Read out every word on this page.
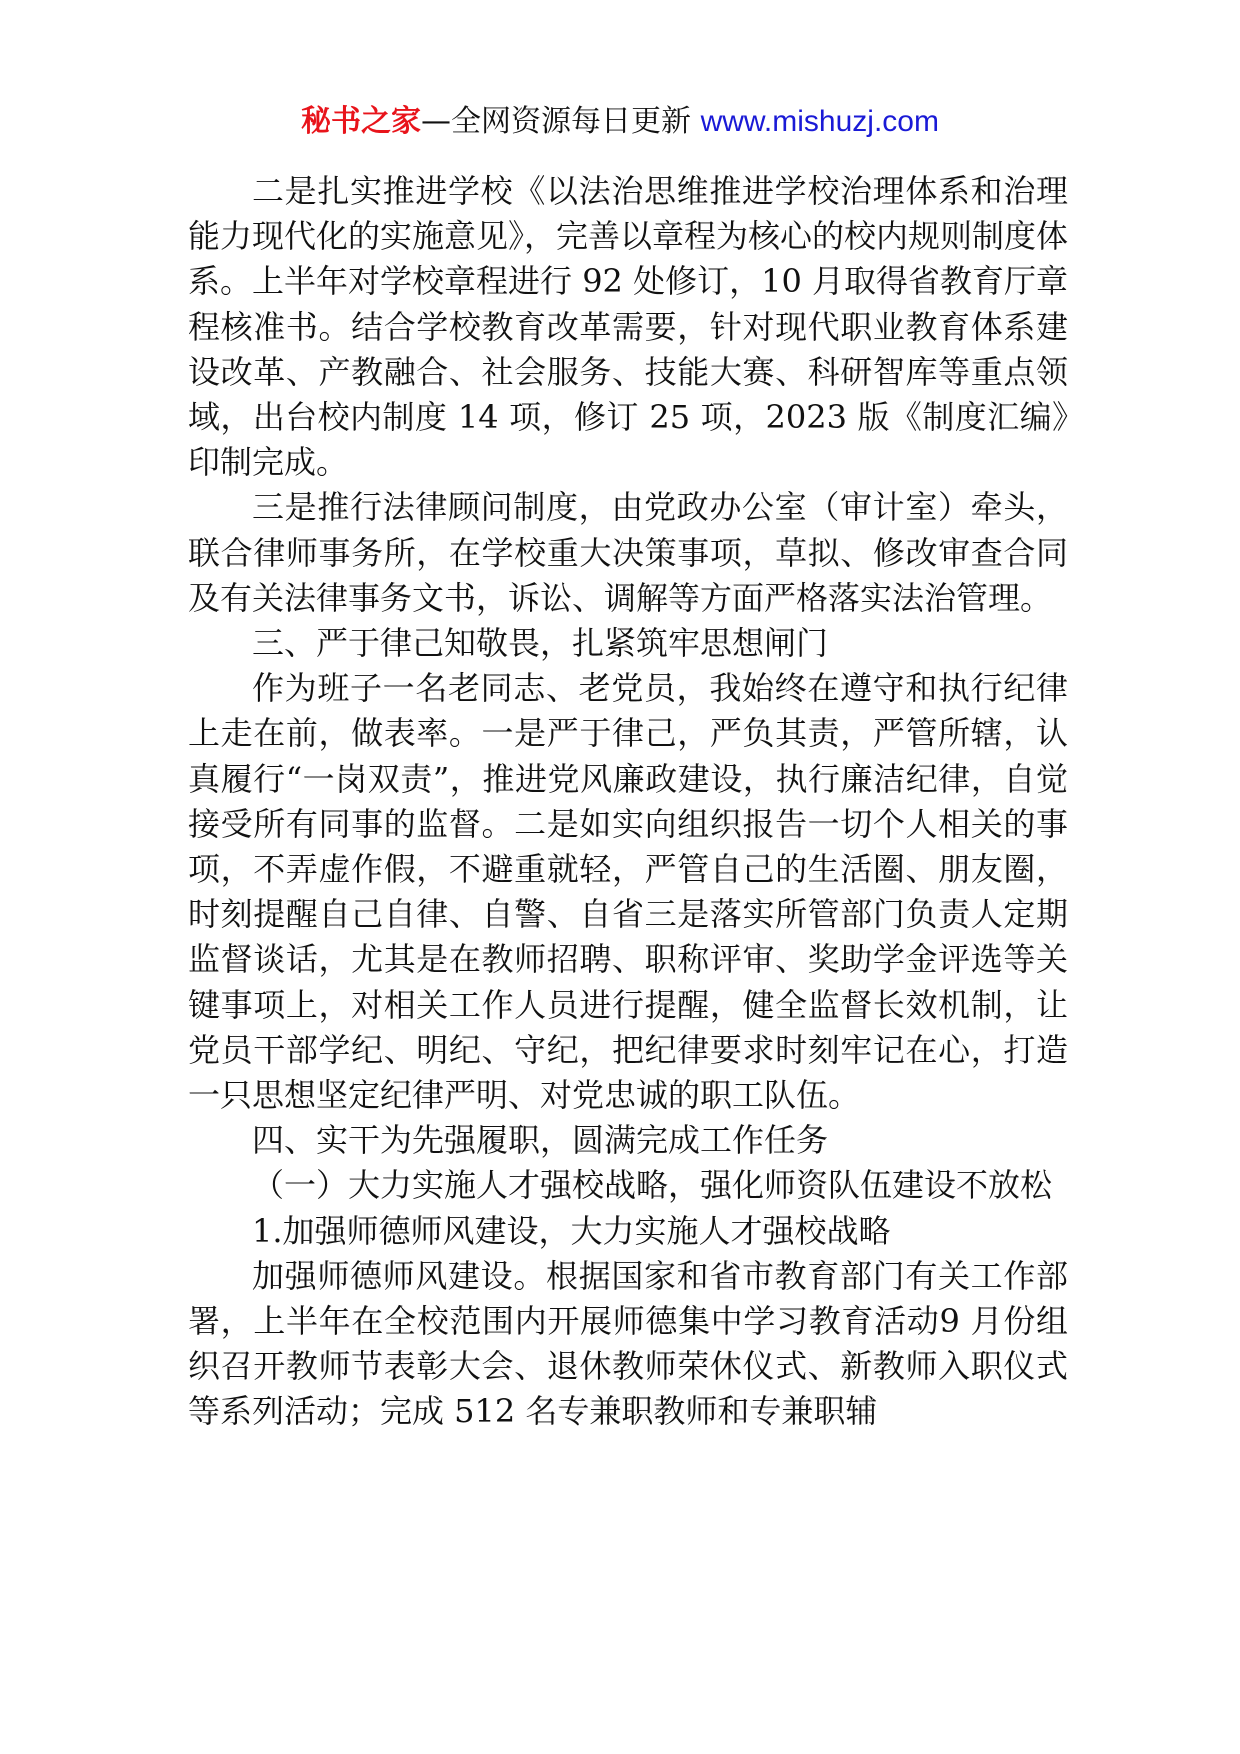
秘书之家—全网资源每日更新 www.mishuzj.com

二是扎实推进学校《以法治思维推进学校治理体系和治理能力现代化的实施意见》，完善以章程为核心的校内规则制度体系。上半年对学校章程进行 92 处修订，10 月取得省教育厅章程核准书。结合学校教育改革需要，针对现代职业教育体系建设改革、产教融合、社会服务、技能大赛、科研智库等重点领域，出台校内制度 14 项，修订 25 项，2023 版《制度汇编》印制完成。

三是推行法律顾问制度，由党政办公室（审计室）牵头，联合律师事务所，在学校重大决策事项，草拟、修改审查合同及有关法律事务文书，诉讼、调解等方面严格落实法治管理。

三、严于律己知敬畏，扎紧筑牢思想闸门

作为班子一名老同志、老党员，我始终在遵守和执行纪律上走在前，做表率。一是严于律己，严负其责，严管所辖，认真履行“一岗双责”，推进党风廉政建设，执行廉洁纪律，自觉接受所有同事的监督。二是如实向组织报告一切个人相关的事项，不弄虚作假，不避重就轻，严管自己的生活圈、朋友圈，时刻提醒自己自律、自警、自省三是落实所管部门负责人定期监督谈话，尤其是在教师招聘、职称评审、奖助学金评选等关键事项上，对相关工作人员进行提醒，健全监督长效机制，让党员干部学纪、明纪、守纪，把纪律要求时刻牢记在心，打造一只思想坚定纪律严明、对党忠诚的职工队伍。

四、实干为先强履职，圆满完成工作任务

（一）大力实施人才强校战略，强化师资队伍建设不放松

1.加强师德师风建设，大力实施人才强校战略

加强师德师风建设。根据国家和省市教育部门有关工作部署，上半年在全校范围内开展师德集中学习教育活动9 月份组织召开教师节表彰大会、退休教师荣休仪式、新教师入职仪式等系列活动；完成 512 名专兼职教师和专兼职辅
